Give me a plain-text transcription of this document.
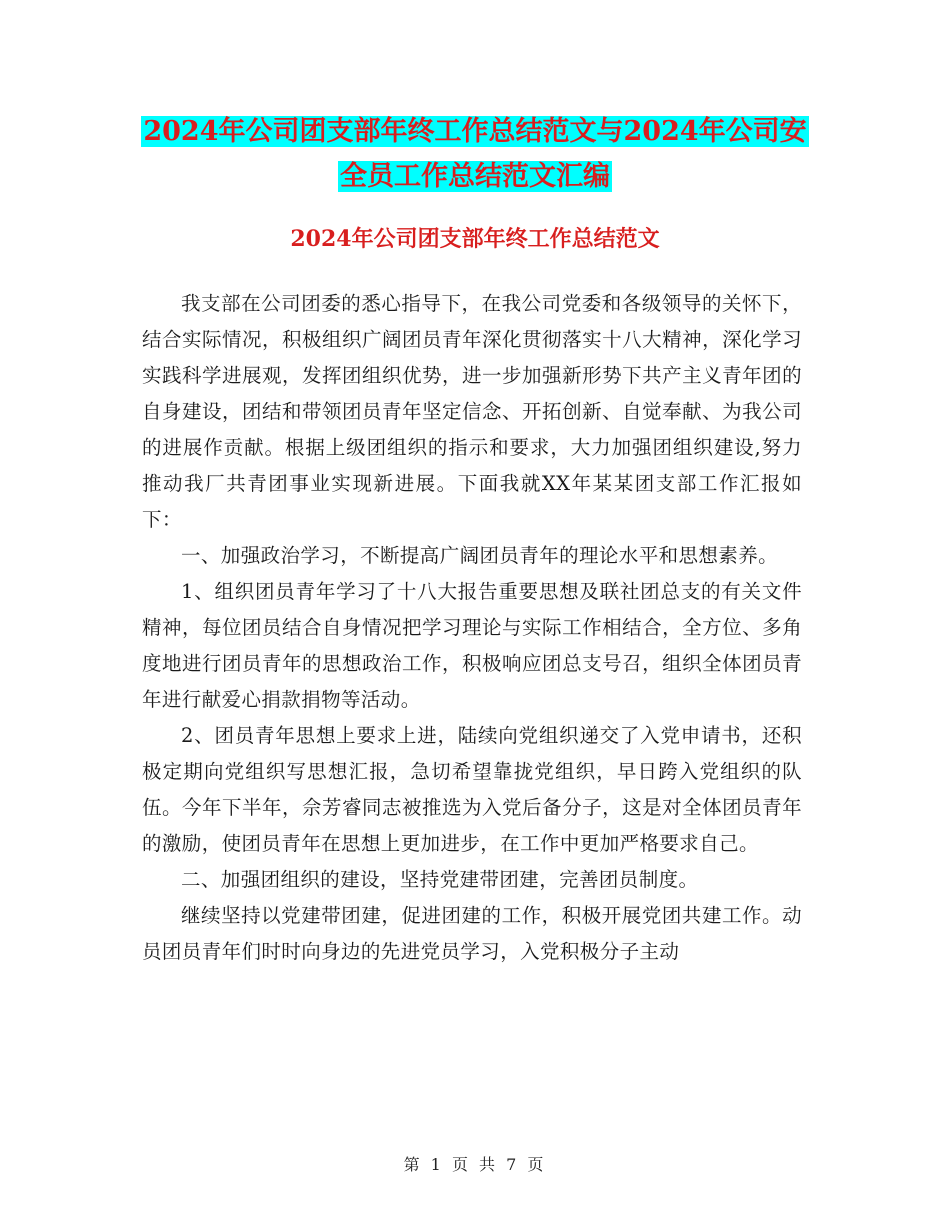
2024年公司团支部年终工作总结范文与2024年公司安
全员工作总结范文汇编
2024年公司团支部年终工作总结范文

我支部在公司团委的悉心指导下，在我公司党委和各级领导的关怀下，结合实际情况，积极组织广阔团员青年深化贯彻落实十八大精神，深化学习实践科学进展观，发挥团组织优势，进一步加强新形势下共产主义青年团的自身建设，团结和带领团员青年坚定信念、开拓创新、自觉奉献、为我公司的进展作贡献。根据上级团组织的指示和要求，大力加强团组织建设,努力推动我厂共青团事业实现新进展。下面我就XX年某某团支部工作汇报如下：

一、加强政治学习，不断提高广阔团员青年的理论水平和思想素养。

1、组织团员青年学习了十八大报告重要思想及联社团总支的有关文件精神，每位团员结合自身情况把学习理论与实际工作相结合，全方位、多角度地进行团员青年的思想政治工作，积极响应团总支号召，组织全体团员青年进行献爱心捐款捐物等活动。

2、团员青年思想上要求上进，陆续向党组织递交了入党申请书，还积极定期向党组织写思想汇报，急切希望靠拢党组织，早日跨入党组织的队伍。今年下半年，佘芳睿同志被推选为入党后备分子，这是对全体团员青年的激励，使团员青年在思想上更加进步，在工作中更加严格要求自己。

二、加强团组织的建设，坚持党建带团建，完善团员制度。

继续坚持以党建带团建，促进团建的工作，积极开展党团共建工作。动员团员青年们时时向身边的先进党员学习，入党积极分子主动

第 1 页 共 7 页
